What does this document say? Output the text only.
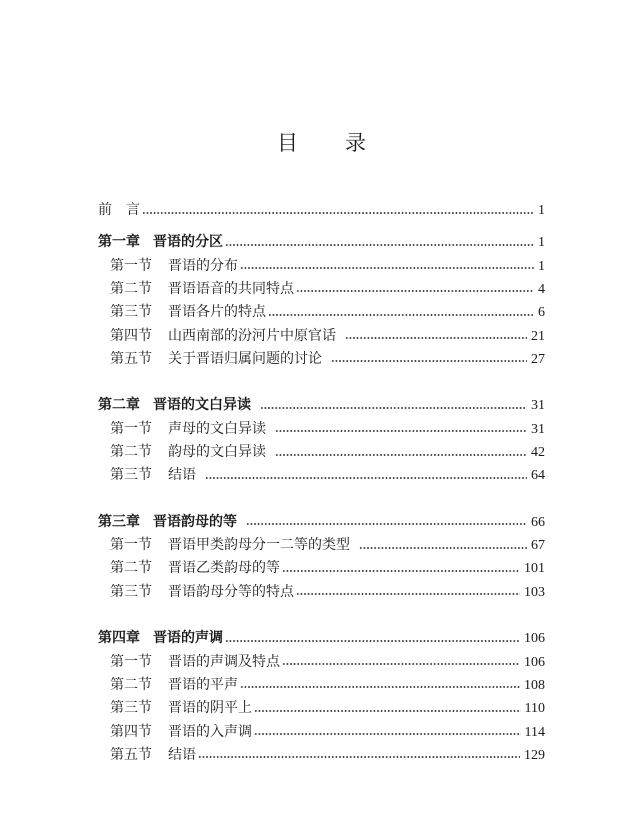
目 录
前　言	1
第一章 晋语的分区	1
第一节	晋语的分布	1
第二节	晋语语音的共同特点	4
第三节	晋语各片的特点	6
第四节	山西南部的汾河片中原官话	21
第五节	关于晋语归属问题的讨论	27
第二章 晋语的文白异读	31
第一节	声母的文白异读	31
第二节	韵母的文白异读	42
第三节	结语	64
第三章 晋语韵母的等	66
第一节	晋语甲类韵母分一二等的类型	67
第二节	晋语乙类韵母的等	101
第三节	晋语韵母分等的特点	103
第四章 晋语的声调	106
第一节	晋语的声调及特点	106
第二节	晋语的平声	108
第三节	晋语的阴平上	110
第四节	晋语的入声调	114
第五节	结语	129
